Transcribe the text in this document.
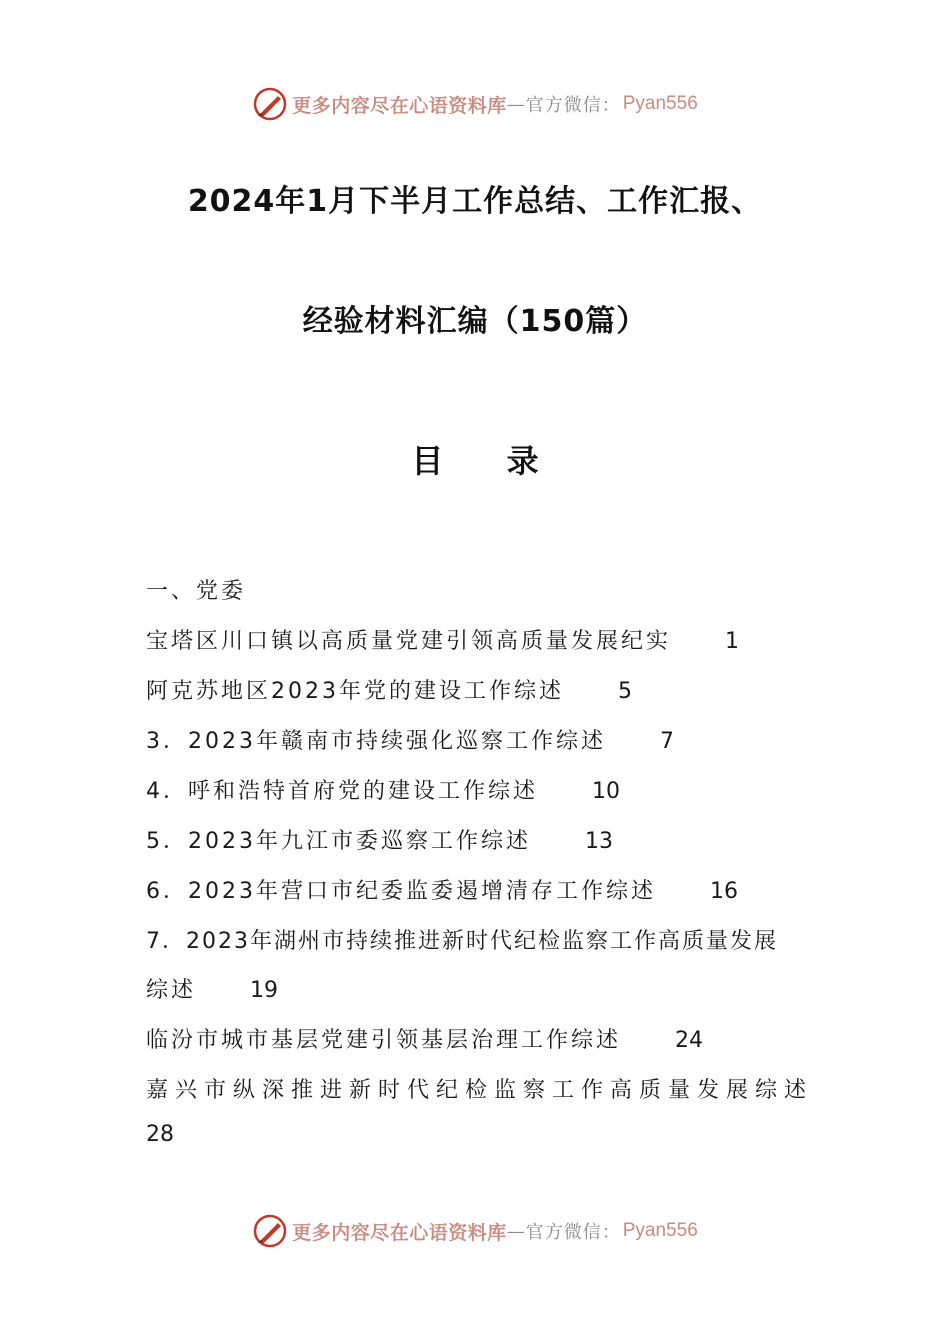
更多内容尽在心语资料库 — 官方微信： Pyan556
2024年1月下半月工作总结、工作汇报、
经验材料汇编（150篇）
目 录
一、党委
宝塔区川口镇以高质量党建引领高质量发展纪实 1
阿克苏地区2023年党的建设工作综述 5
3．2023年赣南市持续强化巡察工作综述 7
4．呼和浩特首府党的建设工作综述 10
5．2023年九江市委巡察工作综述 13
6．2023年营口市纪委监委遏增清存工作综述 16
7．2023年湖州市持续推进新时代纪检监察工作高质量发展
综述 19
临汾市城市基层党建引领基层治理工作综述 24
嘉兴市纵深推进新时代纪检监察工作高质量发展综述
28
更多内容尽在心语资料库 — 官方微信： Pyan556
